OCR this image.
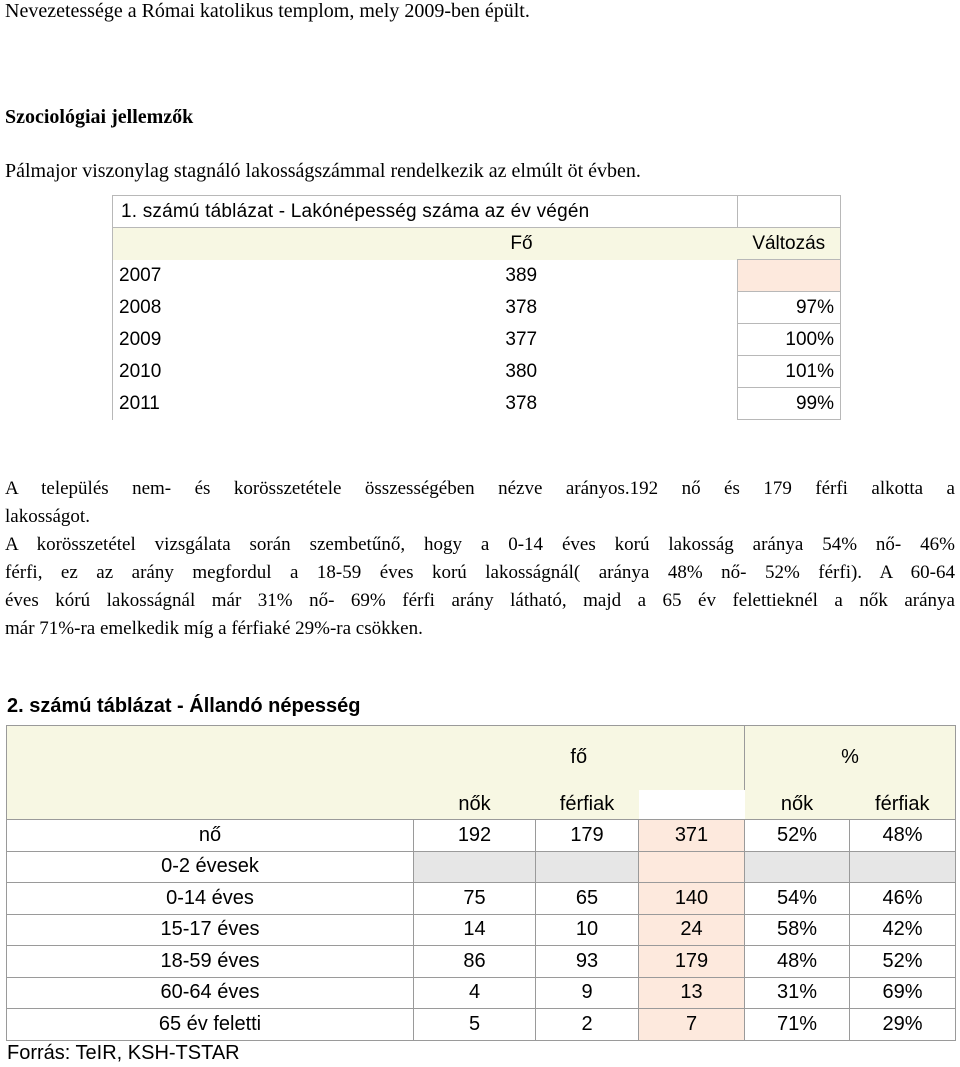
Nevezetessége a Római katolikus templom, mely 2009-ben épült.
Szociológiai jellemzők
Pálmajor viszonylag stagnáló lakosságszámmal rendelkezik az elmúlt öt évben.
1. számú táblázat - Lakónépesség száma az év végén		
	Fő	Változás
2007	389	
2008	378	97%
2009	377	100%
2010	380	101%
2011	378	99%

A település nem- és korösszetétele összességében nézve arányos.192 nő és 179 férfi alkotta a

lakosságot.

A korösszetétel vizsgálata során szembetűnő, hogy a 0-14 éves korú lakosság aránya 54% nő- 46%

férfi, ez az arány megfordul a 18-59 éves korú lakosságnál( aránya 48% nő- 52% férfi). A 60-64

éves kórú lakosságnál már 31% nő- 69% férfi arány látható, majd a 65 év felettieknél a nők aránya

már 71%-ra emelkedik míg a férfiaké 29%-ra csökken.

2. számú táblázat - Állandó népesség
	fő			%	
	nők	férfiak		nők	férfiak
nő	192	179	371	52%	48%
0-2 évesek					
0-14 éves	75	65	140	54%	46%
15-17 éves	14	10	24	58%	42%
18-59 éves	86	93	179	48%	52%
60-64 éves	4	9	13	31%	69%
65 év feletti	5	2	7	71%	29%
Forrás: TeIR, KSH-TSTAR
